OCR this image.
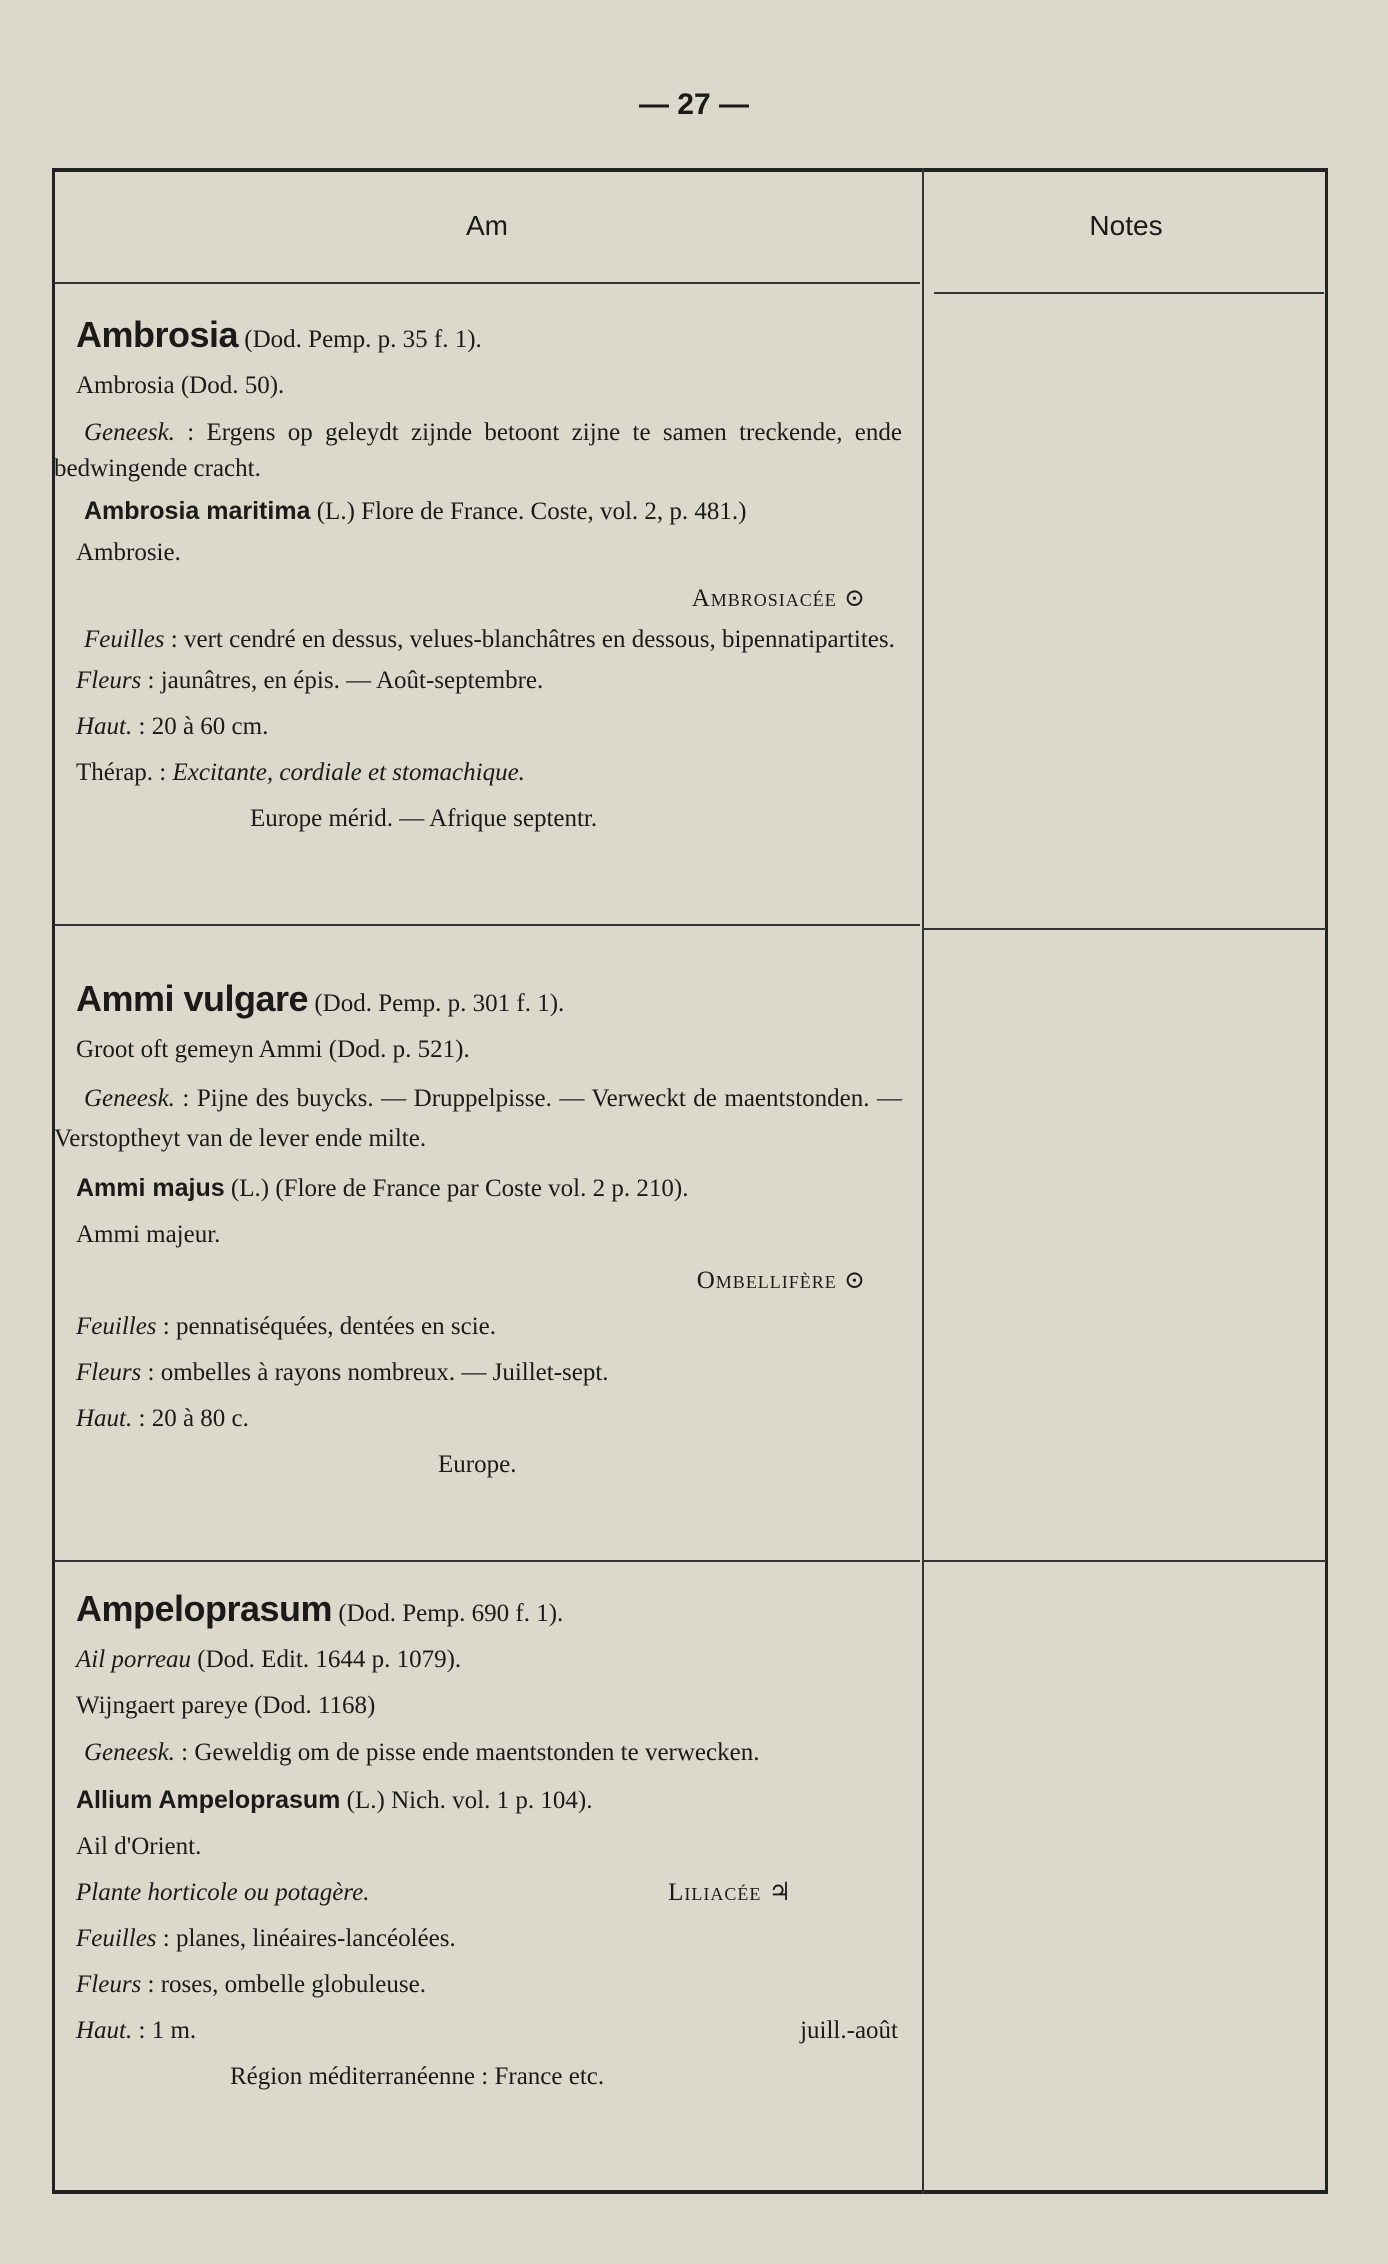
— 27 —
Am	Notes
Ambrosia (Dod. Pemp. p. 35 f. 1).
Ambrosia (Dod. 50).
Geneesk. : Ergens op geleydt zijnde betoont zijne te samen treckende, ende bedwingende cracht.
Ambrosia maritima (L.) Flore de France. Coste, vol. 2, p. 481.)
Ambrosie.
Ambrosiacée ⊙
Feuilles : vert cendré en dessus, velues-blanchâtres en dessous, bipennatipartites.
Fleurs : jaunâtres, en épis. — Août-septembre.
Haut. : 20 à 60 cm.
Thérap. : Excitante, cordiale et stomachique.
Europe mérid. — Afrique septentr.
Ammi vulgare (Dod. Pemp. p. 301 f. 1).
Groot oft gemeyn Ammi (Dod. p. 521).
Geneesk. : Pijne des buycks. — Druppelpisse. — Verweckt de maentstonden. — Verstoptheyt van de lever ende milte.
Ammi majus (L.) (Flore de France par Coste vol. 2 p. 210).
Ammi majeur.
Ombellifère ⊙
Feuilles : pennatiséquées, dentées en scie.
Fleurs : ombelles à rayons nombreux. — Juillet-sept.
Haut. : 20 à 80 c.
Europe.
Ampeloprasum (Dod. Pemp. 690 f. 1).
Ail porreau (Dod. Edit. 1644 p. 1079).
Wijngaert pareye (Dod. 1168)
Geneesk. : Geweldig om de pisse ende maentstonden te verwecken.
Allium Ampeloprasum (L.) Nich. vol. 1 p. 104).
Ail d'Orient.
Plante horticole ou potagère.	Liliacée ♃
Feuilles : planes, linéaires-lancéolées.
Fleurs : roses, ombelle globuleuse.
Haut. : 1 m.	juill.-août
Région méditerranéenne : France etc.
